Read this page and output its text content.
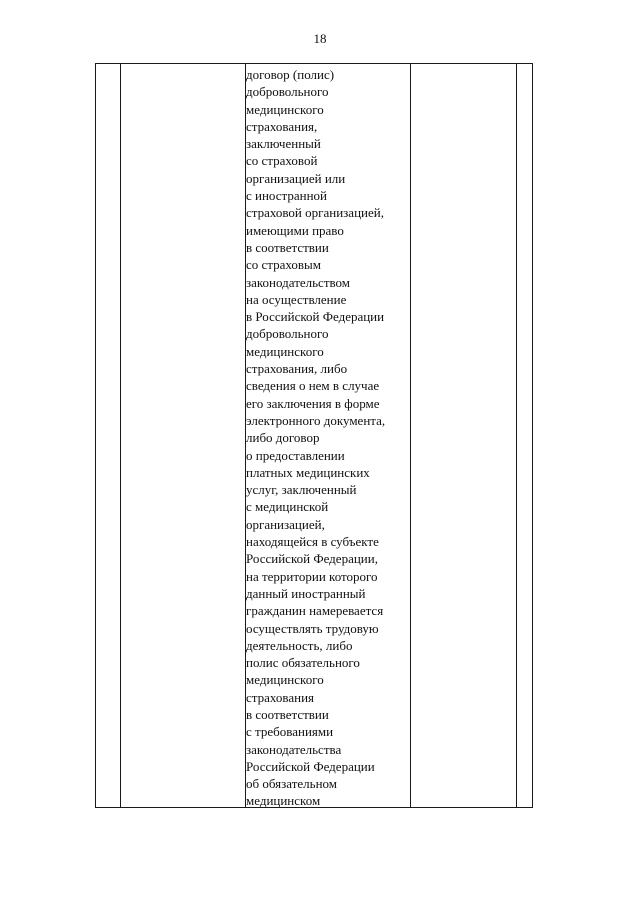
18
договор (полис)
добровольного
медицинского
страхования,
заключенный
со страховой
организацией или
с иностранной
страховой организацией,
имеющими право
в соответствии
со страховым
законодательством
на осуществление
в Российской Федерации
добровольного
медицинского
страхования, либо
сведения о нем в случае
его заключения в форме
электронного документа,
либо договор
о предоставлении
платных медицинских
услуг, заключенный
с медицинской
организацией,
находящейся в субъекте
Российской Федерации,
на территории которого
данный иностранный
гражданин намеревается
осуществлять трудовую
деятельность, либо
полис обязательного
медицинского
страхования
в соответствии
с требованиями
законодательства
Российской Федерации
об обязательном
медицинском
